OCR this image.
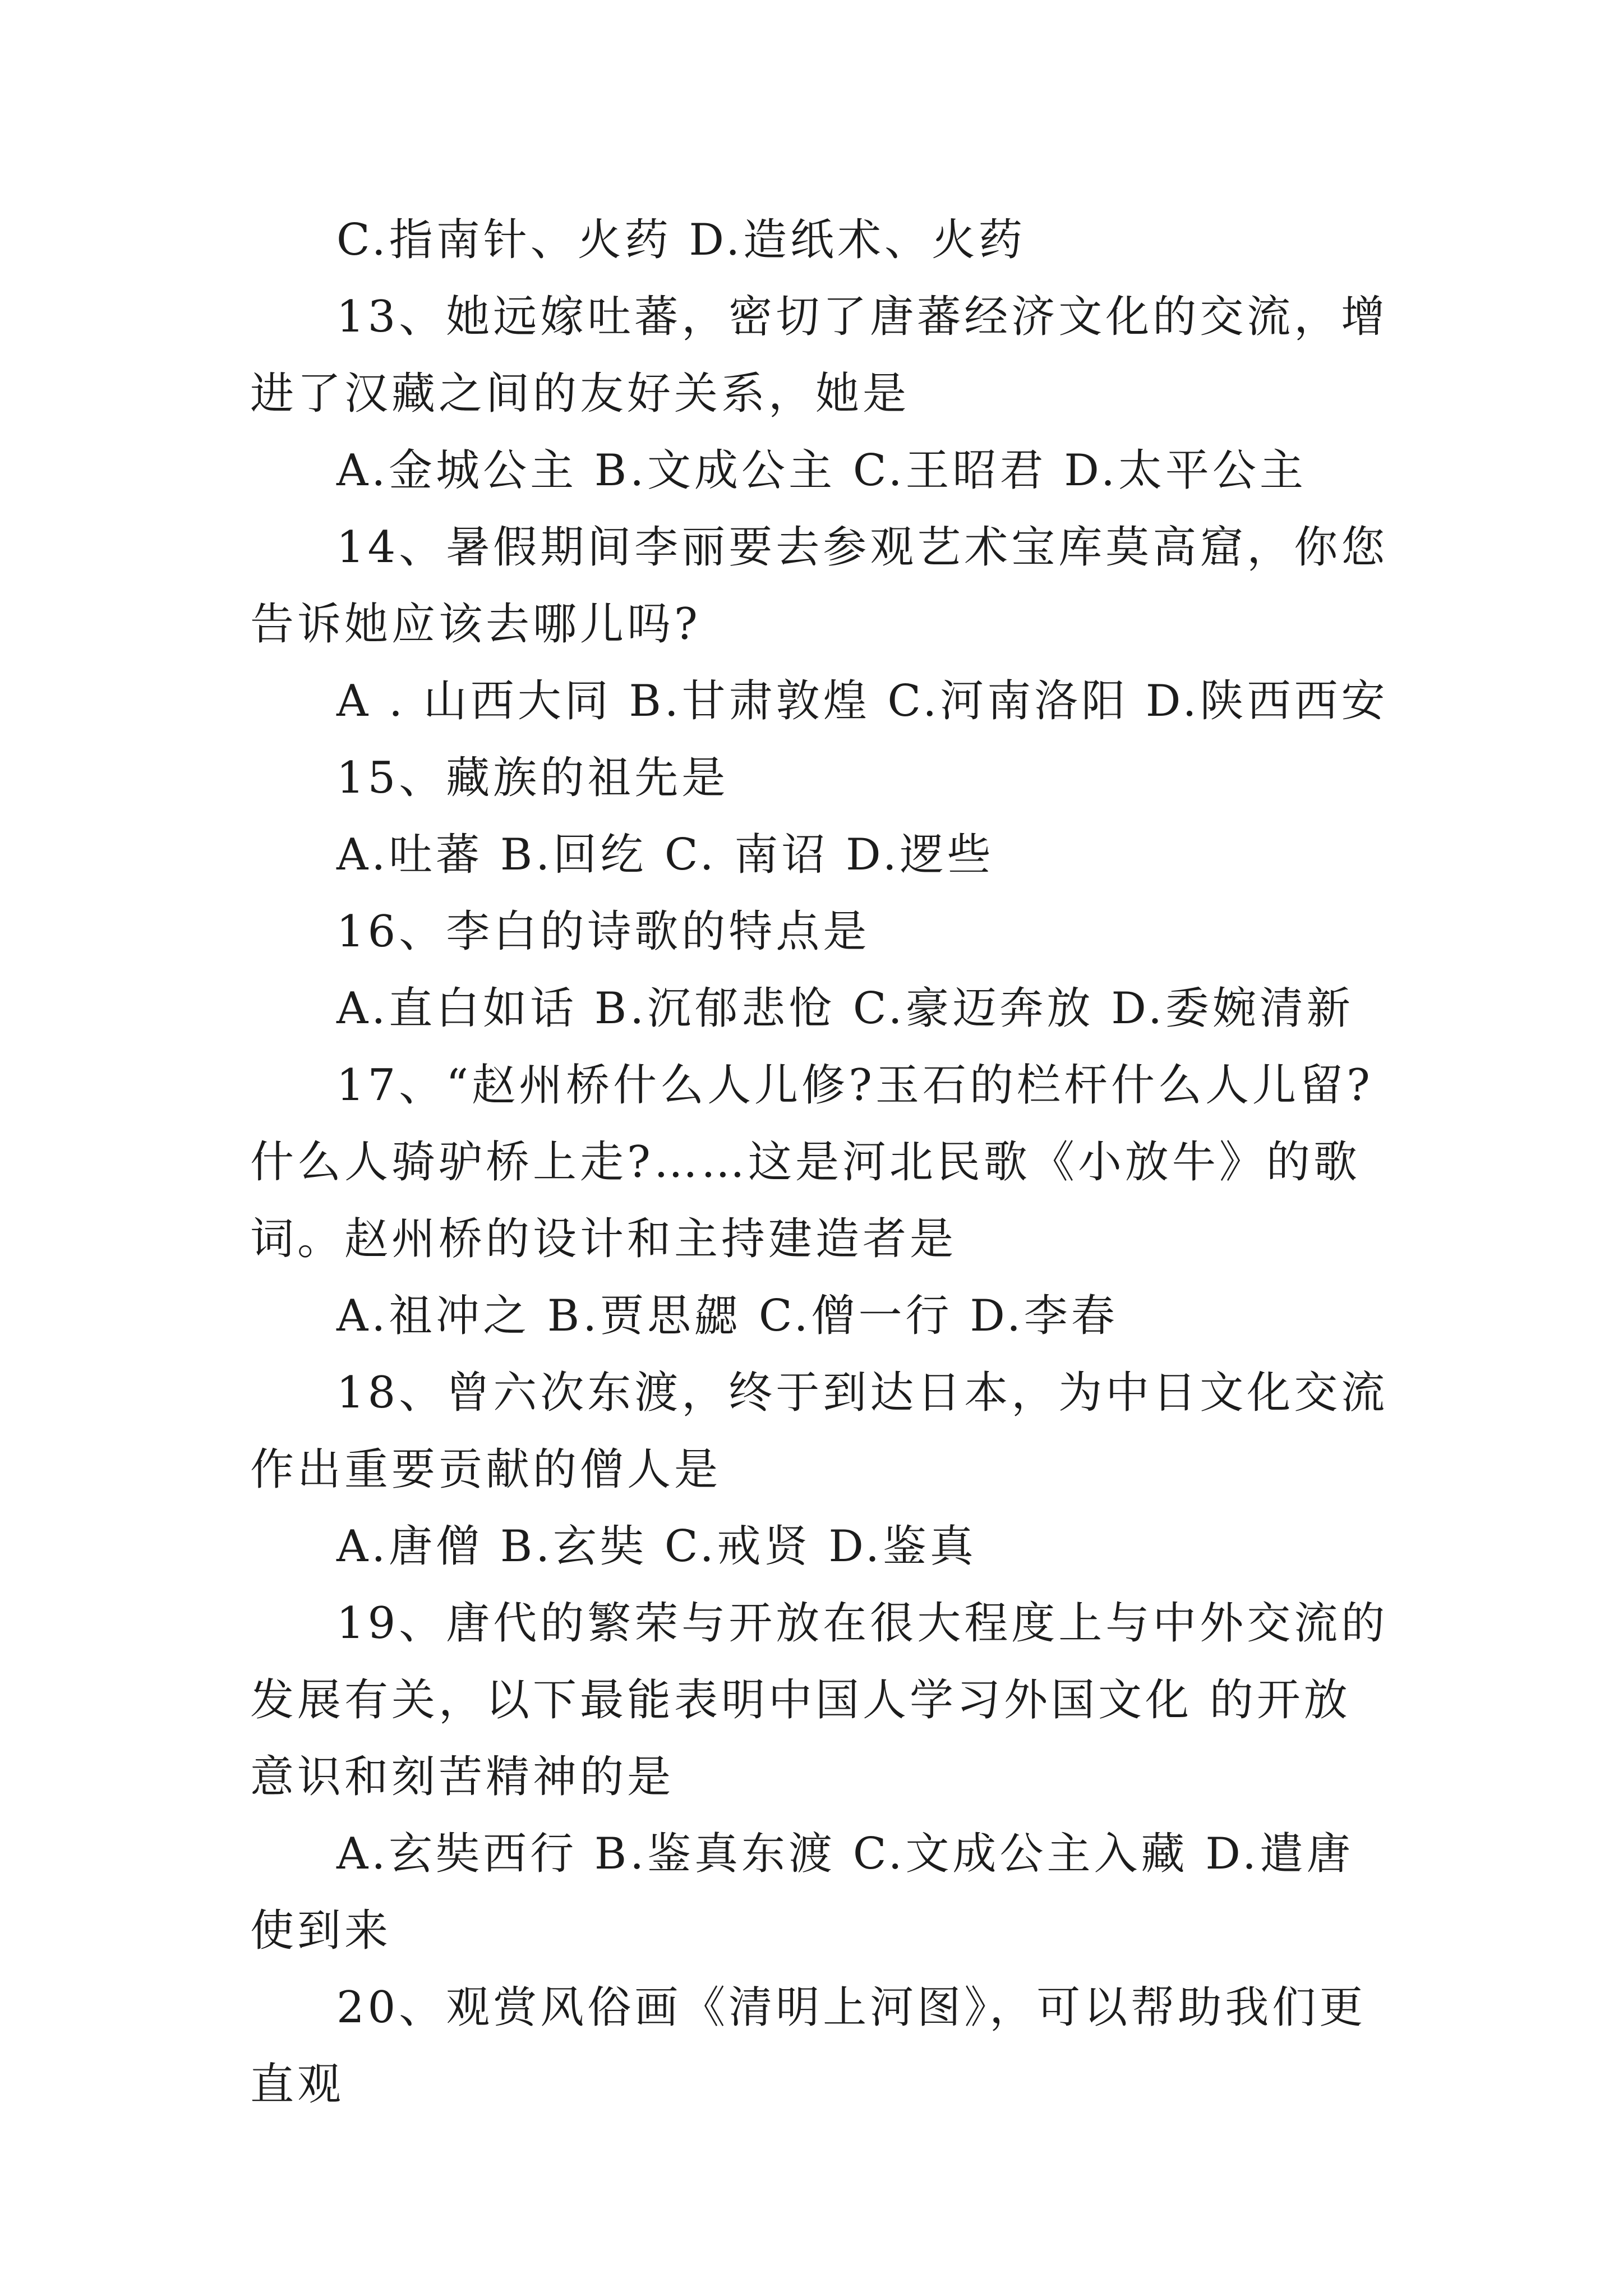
C.指南针、火药 D.造纸术、火药

13、她远嫁吐蕃，密切了唐蕃经济文化的交流，增进了汉藏之间的友好关系，她是

A.金城公主 B.文成公主 C.王昭君 D.太平公主

14、暑假期间李丽要去参观艺术宝库莫高窟，你您告诉她应该去哪儿吗?

A . 山西大同 B.甘肃敦煌 C.河南洛阳 D.陕西西安

15、藏族的祖先是

A.吐蕃 B.回纥 C. 南诏 D.逻些

16、李白的诗歌的特点是

A.直白如话 B.沉郁悲怆 C.豪迈奔放 D.委婉清新

17、“赵州桥什么人儿修?玉石的栏杆什么人儿留?什么人骑驴桥上走?……这是河北民歌《小放牛》的歌词。赵州桥的设计和主持建造者是

A.祖冲之 B.贾思勰 C.僧一行 D.李春

18、曾六次东渡，终于到达日本，为中日文化交流作出重要贡献的僧人是

A.唐僧 B.玄奘 C.戒贤 D.鉴真

19、唐代的繁荣与开放在很大程度上与中外交流的发展有关，以下最能表明中国人学习外国文化 的开放意识和刻苦精神的是

A.玄奘西行 B.鉴真东渡 C.文成公主入藏 D.遣唐使到来

20、观赏风俗画《清明上河图》，可以帮助我们更直观
